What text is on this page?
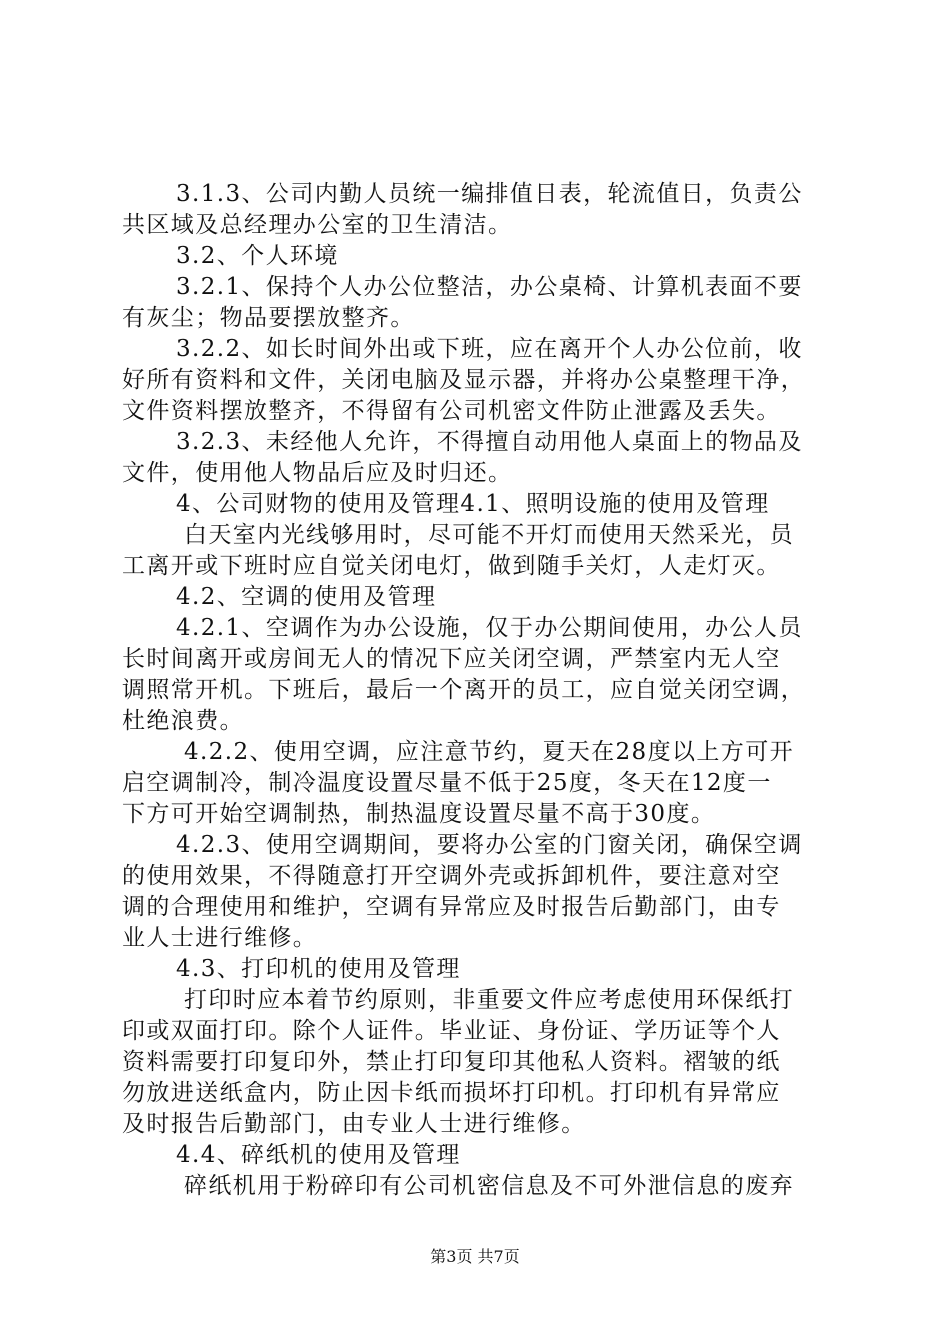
3.1.3、公司内勤人员统一编排值日表，轮流值日，负责公
共区域及总经理办公室的卫生清洁。
3.2、个人环境
3.2.1、保持个人办公位整洁，办公桌椅、计算机表面不要
有灰尘；物品要摆放整齐。
3.2.2、如长时间外出或下班，应在离开个人办公位前，收
好所有资料和文件，关闭电脑及显示器，并将办公桌整理干净，
文件资料摆放整齐，不得留有公司机密文件防止泄露及丢失。
3.2.3、未经他人允许，不得擅自动用他人桌面上的物品及
文件，使用他人物品后应及时归还。
4、公司财物的使用及管理4.1、照明设施的使用及管理
白天室内光线够用时，尽可能不开灯而使用天然采光，员
工离开或下班时应自觉关闭电灯，做到随手关灯，人走灯灭。
4.2、空调的使用及管理
4.2.1、空调作为办公设施，仅于办公期间使用，办公人员
长时间离开或房间无人的情况下应关闭空调，严禁室内无人空
调照常开机。下班后，最后一个离开的员工，应自觉关闭空调，
杜绝浪费。
4.2.2、使用空调，应注意节约，夏天在28度以上方可开
启空调制冷，制冷温度设置尽量不低于25度，冬天在12度一
下方可开始空调制热，制热温度设置尽量不高于30度。
4.2.3、使用空调期间，要将办公室的门窗关闭，确保空调
的使用效果，不得随意打开空调外壳或拆卸机件，要注意对空
调的合理使用和维护，空调有异常应及时报告后勤部门，由专
业人士进行维修。
4.3、打印机的使用及管理
打印时应本着节约原则，非重要文件应考虑使用环保纸打
印或双面打印。除个人证件。毕业证、身份证、学历证等个人
资料需要打印复印外，禁止打印复印其他私人资料。褶皱的纸
勿放进送纸盒内，防止因卡纸而损坏打印机。打印机有异常应
及时报告后勤部门，由专业人士进行维修。
4.4、碎纸机的使用及管理
碎纸机用于粉碎印有公司机密信息及不可外泄信息的废弃
第3页 共7页
